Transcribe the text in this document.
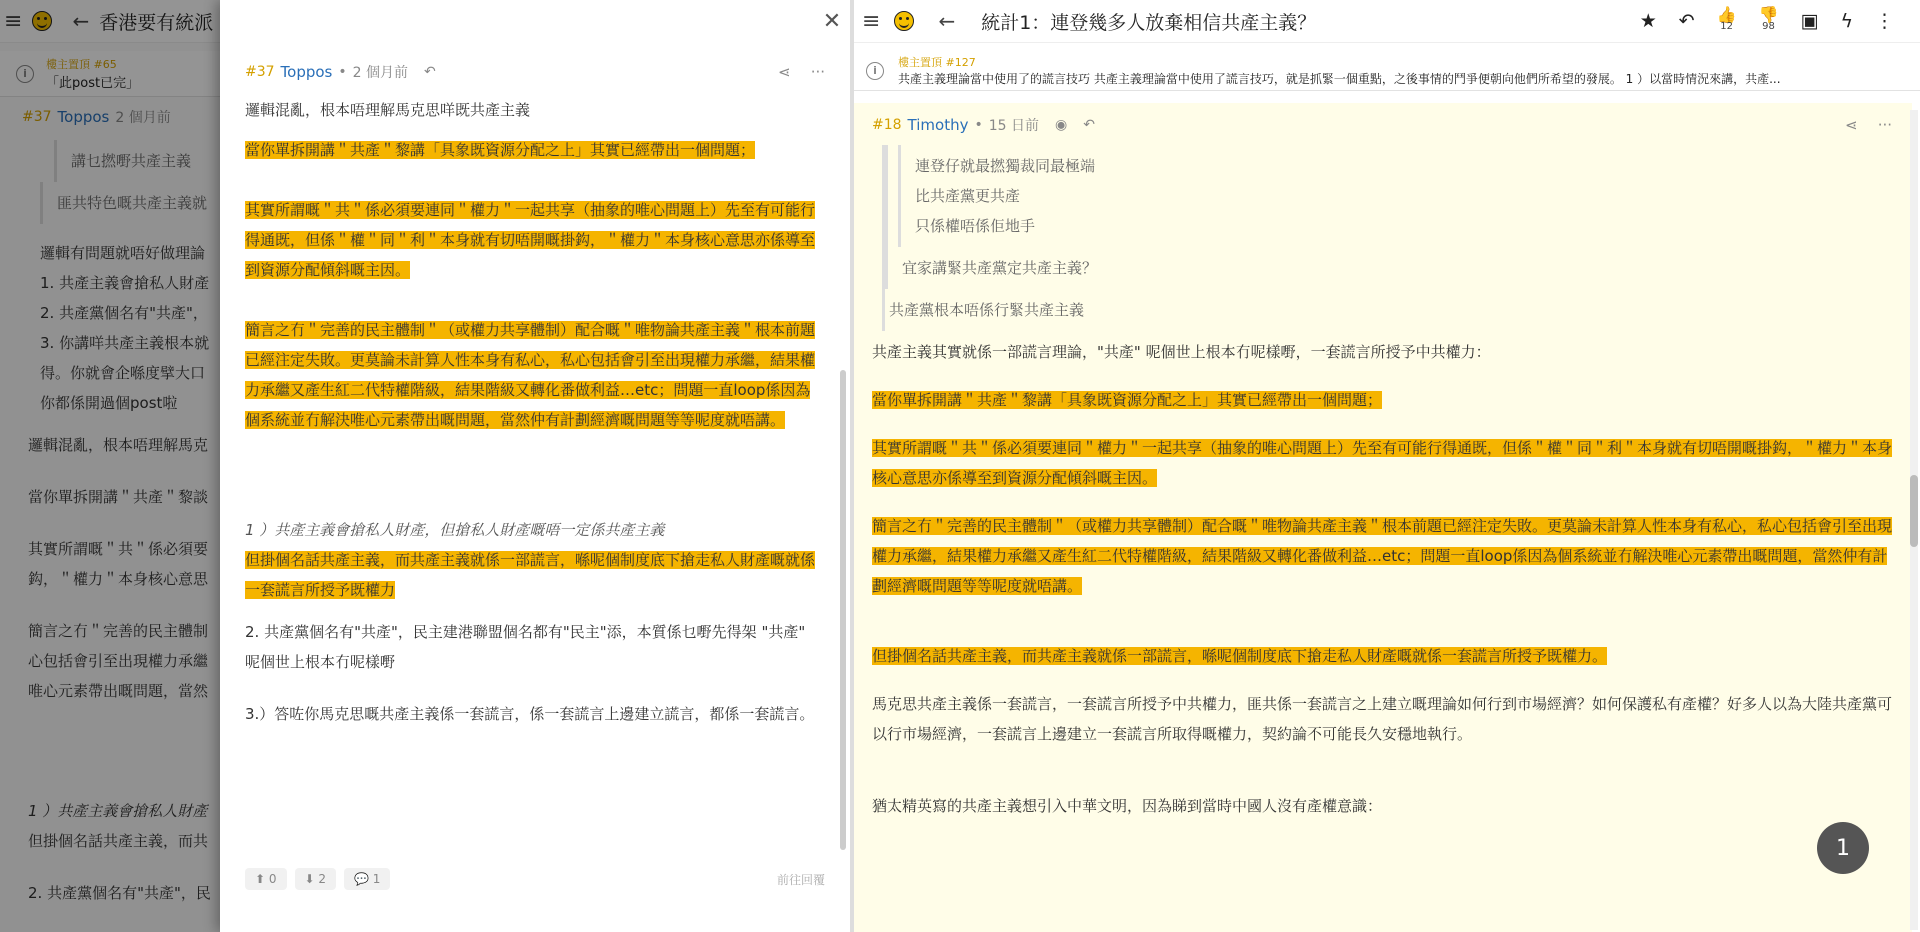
≡	← 香港要有統派
i
樓主置頂 #65
「此post已完」
#37 Toppos 2 個月前
講乜撚嘢共產主義
匪共特色嘅共產主義就

邏輯有問題就唔好做理論

1. 共產主義會搶私人財產

2. 共產黨個名有"共產"，

3. 你講咩共產主義根本就

得。你就會企喺度擘大口

你都係開過個post啦

邏輯混亂，根本唔理解馬克

當你單拆開講＂共產＂黎談

其實所謂嘅＂共＂係必須要

鈎，＂權力＂本身核心意思

簡言之冇＂完善的民主體制

心包括會引至出現權力承繼

唯心元素帶出嘅問題，當然

1 ）共產主義會搶私人財產

但掛個名話共產主義，而共

2. 共產黨個名有"共產"，民

✕
#37 Toppos • 2 個月前 ↶	⋖ ···

邏輯混亂，根本唔理解馬克思咩既共產主義

當你單拆開講＂共產＂黎講「具象既資源分配之上」其實已經帶出一個問題；

其實所謂嘅＂共＂係必須要連同＂權力＂一起共享（抽象的唯心問題上）先至有可能行得通既，但係＂權＂同＂利＂本身就有切唔開嘅掛鈎，＂權力＂本身核心意思亦係導至到資源分配傾斜嘅主因。

簡言之冇＂完善的民主體制＂（或權力共享體制）配合嘅＂唯物論共產主義＂根本前題已經注定失敗。更莫論未計算人性本身有私心，私心包括會引至出現權力承繼，結果權力承繼又產生紅二代特權階級，結果階級又轉化番做利益…etc；問題一直loop係因為個系統並冇解決唯心元素帶出嘅問題，當然仲有計劃經濟嘅問題等等呢度就唔講。

1 ）共產主義會搶私人財產，但搶私人財產嘅唔一定係共產主義

但掛個名話共產主義，而共產主義就係一部謊言，喺呢個制度底下搶走私人財產嘅就係一套謊言所授予既權力

2. 共產黨個名有"共產"，民主建港聯盟個名都有"民主"添，本質係乜嘢先得架 "共產" 呢個世上根本冇呢樣嘢

3.）答咗你馬克思嘅共產主義係一套謊言，係一套謊言上邊建立謊言，都係一套謊言。

⬆ 0	⬇ 2	💬 1	前往回覆
≡	← 統計1：連登幾多人放棄相信共產主義？	★ ↶ 👍
12
👎
98 ▣ ϟ ⋮
i
樓主置頂 #127
共產主義理論當中使用了的謊言技巧 共產主義理論當中使用了謊言技巧，就是抓緊一個重點，之後事情的鬥爭便朝向他們所希望的發展。 1 ）以當時情況來講，共產...
#18 Timothy • 15 日前 ◉ ↶	⋖ ···
連登仔就最撚獨裁同最極端
比共產黨更共產
只係權唔係佢地手
宜家講緊共產黨定共產主義？
共產黨根本唔係行緊共產主義

共產主義其實就係一部謊言理論，"共產" 呢個世上根本冇呢樣嘢，一套謊言所授予中共權力：

當你單拆開講＂共產＂黎講「具象既資源分配之上」其實已經帶出一個問題；

其實所謂嘅＂共＂係必須要連同＂權力＂一起共享（抽象的唯心問題上）先至有可能行得通既，但係＂權＂同＂利＂本身就有切唔開嘅掛鈎，＂權力＂本身核心意思亦係導至到資源分配傾斜嘅主因。

簡言之冇＂完善的民主體制＂（或權力共享體制）配合嘅＂唯物論共產主義＂根本前題已經注定失敗。更莫論未計算人性本身有私心，私心包括會引至出現權力承繼，結果權力承繼又產生紅二代特權階級，結果階級又轉化番做利益…etc；問題一直loop係因為個系統並冇解決唯心元素帶出嘅問題，當然仲有計劃經濟嘅問題等等呢度就唔講。

但掛個名話共產主義，而共產主義就係一部謊言，喺呢個制度底下搶走私人財產嘅就係一套謊言所授予既權力。

馬克思共產主義係一套謊言，一套謊言所授予中共權力，匪共係一套謊言之上建立嘅理論如何行到市場經濟？如何保護私有產權？好多人以為大陸共產黨可以行市場經濟，一套謊言上邊建立一套謊言所取得嘅權力，契約論不可能長久安穩地執行。

猶太精英寫的共產主義想引入中華文明，因為睇到當時中國人沒有產權意識：

1
